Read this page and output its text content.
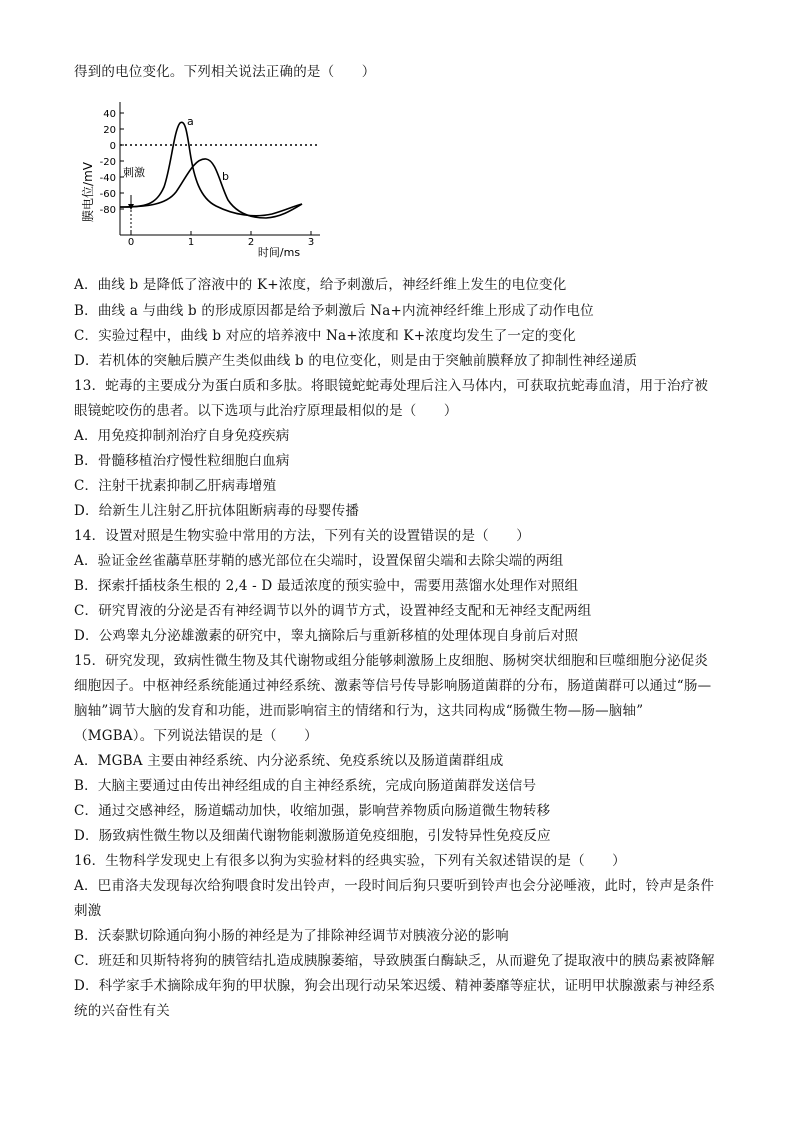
得到的电位变化。下列相关说法正确的是（　　）
膜电位/mV
40
20
0
-20
-40
-60
-80
0	1	2	3
时间/ms
刺激
a
b
A．曲线 b 是降低了溶液中的 K+浓度，给予刺激后，神经纤维上发生的电位变化
B．曲线 a 与曲线 b 的形成原因都是给予刺激后 Na+内流神经纤维上形成了动作电位
C．实验过程中，曲线 b 对应的培养液中 Na+浓度和 K+浓度均发生了一定的变化
D．若机体的突触后膜产生类似曲线 b 的电位变化，则是由于突触前膜释放了抑制性神经递质
13．蛇毒的主要成分为蛋白质和多肽。将眼镜蛇蛇毒处理后注入马体内，可获取抗蛇毒血清，用于治疗被
眼镜蛇咬伤的患者。以下选项与此治疗原理最相似的是（　　）
A．用免疫抑制剂治疗自身免疫疾病
B．骨髓移植治疗慢性粒细胞白血病
C．注射干扰素抑制乙肝病毒增殖
D．给新生儿注射乙肝抗体阻断病毒的母婴传播
14．设置对照是生物实验中常用的方法，下列有关的设置错误的是（　　）
A．验证金丝雀虉草胚芽鞘的感光部位在尖端时，设置保留尖端和去除尖端的两组
B．探索扦插枝条生根的 2,4 - D 最适浓度的预实验中，需要用蒸馏水处理作对照组
C．研究胃液的分泌是否有神经调节以外的调节方式，设置神经支配和无神经支配两组
D．公鸡睾丸分泌雄激素的研究中，睾丸摘除后与重新移植的处理体现自身前后对照
15．研究发现，致病性微生物及其代谢物或组分能够刺激肠上皮细胞、肠树突状细胞和巨噬细胞分泌促炎
细胞因子。中枢神经系统能通过神经系统、激素等信号传导影响肠道菌群的分布，肠道菌群可以通过“肠—
脑轴”调节大脑的发育和功能，进而影响宿主的情绪和行为，这共同构成“肠微生物—肠—脑轴”
（MGBA）。下列说法错误的是（　　）
A．MGBA 主要由神经系统、内分泌系统、免疫系统以及肠道菌群组成
B．大脑主要通过由传出神经组成的自主神经系统，完成向肠道菌群发送信号
C．通过交感神经，肠道蠕动加快，收缩加强，影响营养物质向肠道微生物转移
D．肠致病性微生物以及细菌代谢物能刺激肠道免疫细胞，引发特异性免疫反应
16．生物科学发现史上有很多以狗为实验材料的经典实验，下列有关叙述错误的是（　　）
A．巴甫洛夫发现每次给狗喂食时发出铃声，一段时间后狗只要听到铃声也会分泌唾液，此时，铃声是条件
刺激
B．沃泰默切除通向狗小肠的神经是为了排除神经调节对胰液分泌的影响
C．班廷和贝斯特将狗的胰管结扎造成胰腺萎缩，导致胰蛋白酶缺乏，从而避免了提取液中的胰岛素被降解
D．科学家手术摘除成年狗的甲状腺，狗会出现行动呆笨迟缓、精神萎靡等症状，证明甲状腺激素与神经系
统的兴奋性有关
